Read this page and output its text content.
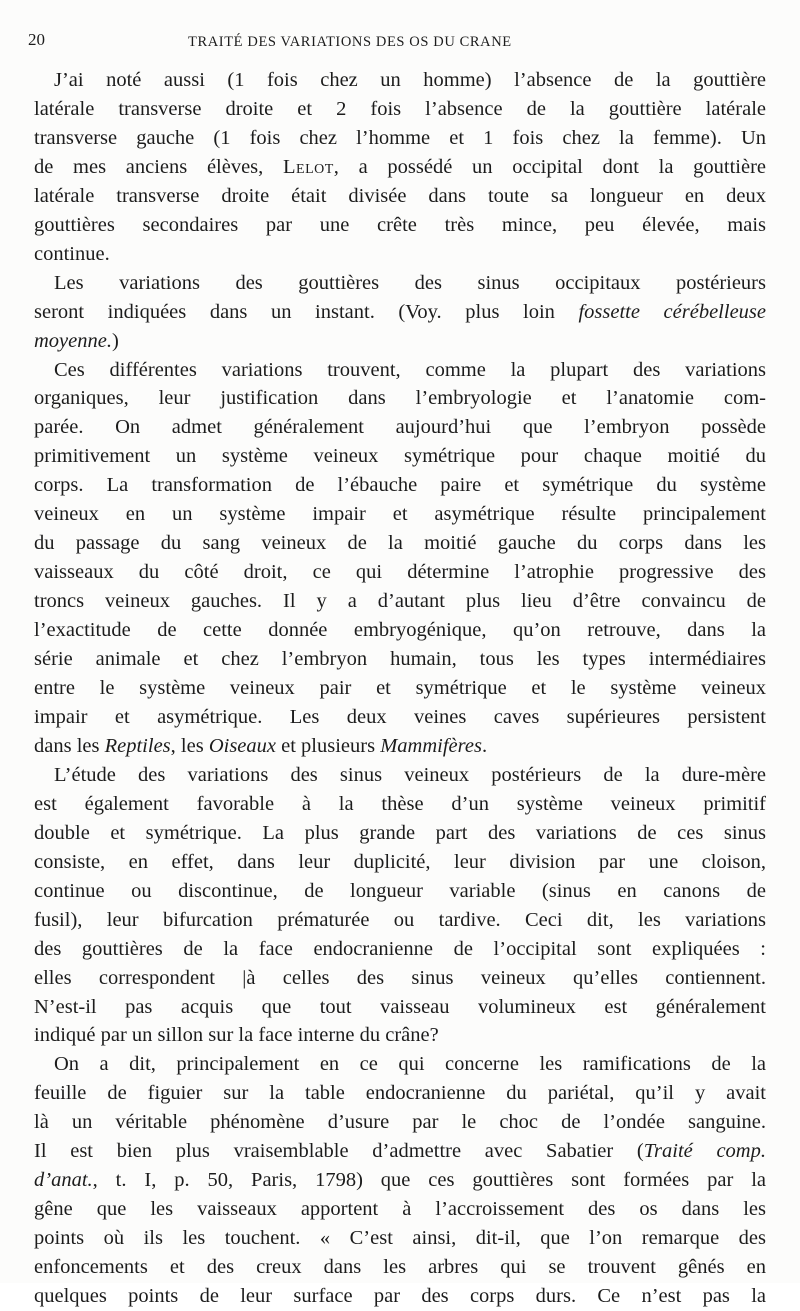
20	TRAITÉ DES VARIATIONS DES OS DU CRANE

J’ai noté aussi (1 fois chez un homme) l’absence de la gouttière

latérale transverse droite et 2 fois l’absence de la gouttière latérale

transverse gauche (1 fois chez l’homme et 1 fois chez la femme). Un

de mes anciens élèves, Lelot, a possédé un occipital dont la gouttière

latérale transverse droite était divisée dans toute sa longueur en deux

gouttières secondaires par une crête très mince, peu élevée, mais

continue.

Les variations des gouttières des sinus occipitaux postérieurs

seront indiquées dans un instant. (Voy. plus loin fossette cérébelleuse

moyenne.)

Ces différentes variations trouvent, comme la plupart des variations

organiques, leur justification dans l’embryologie et l’anatomie com-

parée. On admet généralement aujourd’hui que l’embryon possède

primitivement un système veineux symétrique pour chaque moitié du

corps. La transformation de l’ébauche paire et symétrique du système

veineux en un système impair et asymétrique résulte principalement

du passage du sang veineux de la moitié gauche du corps dans les

vaisseaux du côté droit, ce qui détermine l’atrophie progressive des

troncs veineux gauches. Il y a d’autant plus lieu d’être convaincu de

l’exactitude de cette donnée embryogénique, qu’on retrouve, dans la

série animale et chez l’embryon humain, tous les types intermédiaires

entre le système veineux pair et symétrique et le système veineux

impair et asymétrique. Les deux veines caves supérieures persistent

dans les Reptiles, les Oiseaux et plusieurs Mammifères.

L’étude des variations des sinus veineux postérieurs de la dure-mère

est également favorable à la thèse d’un système veineux primitif

double et symétrique. La plus grande part des variations de ces sinus

consiste, en effet, dans leur duplicité, leur division par une cloison,

continue ou discontinue, de longueur variable (sinus en canons de

fusil), leur bifurcation prématurée ou tardive. Ceci dit, les variations

des gouttières de la face endocranienne de l’occipital sont expliquées :

elles correspondent |à celles des sinus veineux qu’elles contiennent.

N’est-il pas acquis que tout vaisseau volumineux est généralement

indiqué par un sillon sur la face interne du crâne?

On a dit, principalement en ce qui concerne les ramifications de la

feuille de figuier sur la table endocranienne du pariétal, qu’il y avait

là un véritable phénomène d’usure par le choc de l’ondée sanguine.

Il est bien plus vraisemblable d’admettre avec Sabatier (Traité comp.

d’anat., t. I, p. 50, Paris, 1798) que ces gouttières sont formées par la

gêne que les vaisseaux apportent à l’accroissement des os dans les

points où ils les touchent. « C’est ainsi, dit-il, que l’on remarque des

enfoncements et des creux dans les arbres qui se trouvent gênés en

quelques points de leur surface par des corps durs. Ce n’est pas la
